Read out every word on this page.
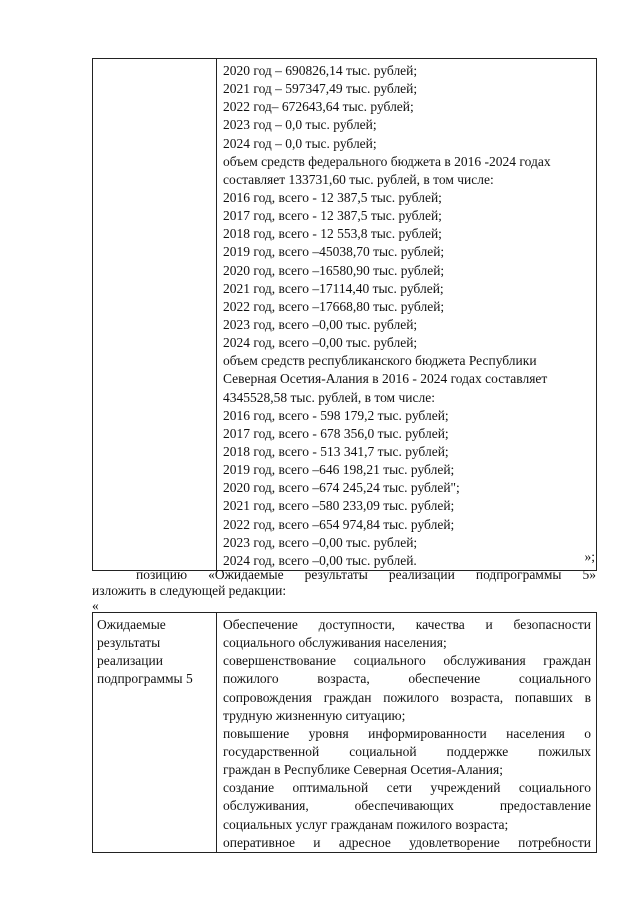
2020 год – 690826,14 тыс. рублей;
2021 год – 597347,49 тыс. рублей;
2022 год– 672643,64 тыс. рублей;
2023 год – 0,0 тыс. рублей;
2024 год – 0,0 тыс. рублей;
объем средств федерального бюджета в 2016 -2024 годах
составляет 133731,60 тыс. рублей, в том числе:
2016 год, всего - 12 387,5 тыс. рублей;
2017 год, всего - 12 387,5 тыс. рублей;
2018 год, всего - 12 553,8 тыс. рублей;
2019 год, всего –45038,70 тыс. рублей;
2020 год, всего –16580,90 тыс. рублей;
2021 год, всего –17114,40 тыс. рублей;
2022 год, всего –17668,80 тыс. рублей;
2023 год, всего –0,00 тыс. рублей;
2024 год, всего –0,00 тыс. рублей;
объем средств республиканского бюджета Республики
Северная Осетия-Алания в 2016 - 2024 годах составляет
4345528,58 тыс. рублей, в том числе:
2016 год, всего - 598 179,2 тыс. рублей;
2017 год, всего - 678 356,0 тыс. рублей;
2018 год, всего - 513 341,7 тыс. рублей;
2019 год, всего –646 198,21 тыс. рублей;
2020 год, всего –674 245,24 тыс. рублей";
2021 год, всего –580 233,09 тыс. рублей;
2022 год, всего –654 974,84 тыс. рублей;
2023 год, всего –0,00 тыс. рублей;
2024 год, всего –0,00 тыс. рублей.	»;
позицию «Ожидаемые результаты реализации подпрограммы 5»
изложить в следующей редакции:
«
Ожидаемые
результаты
реализации
подпрограммы 5

Обеспечение доступности, качества и безопасности
социального обслуживания населения;
совершенствование социального обслуживания граждан
пожилого возраста, обеспечение социального
сопровождения граждан пожилого возраста, попавших в
трудную жизненную ситуацию;
повышение уровня информированности населения о
государственной социальной поддержке пожилых
граждан в Республике Северная Осетия-Алания;
создание оптимальной сети учреждений социального
обслуживания, обеспечивающих предоставление
социальных услуг гражданам пожилого возраста;
оперативное и адресное удовлетворение потребности
